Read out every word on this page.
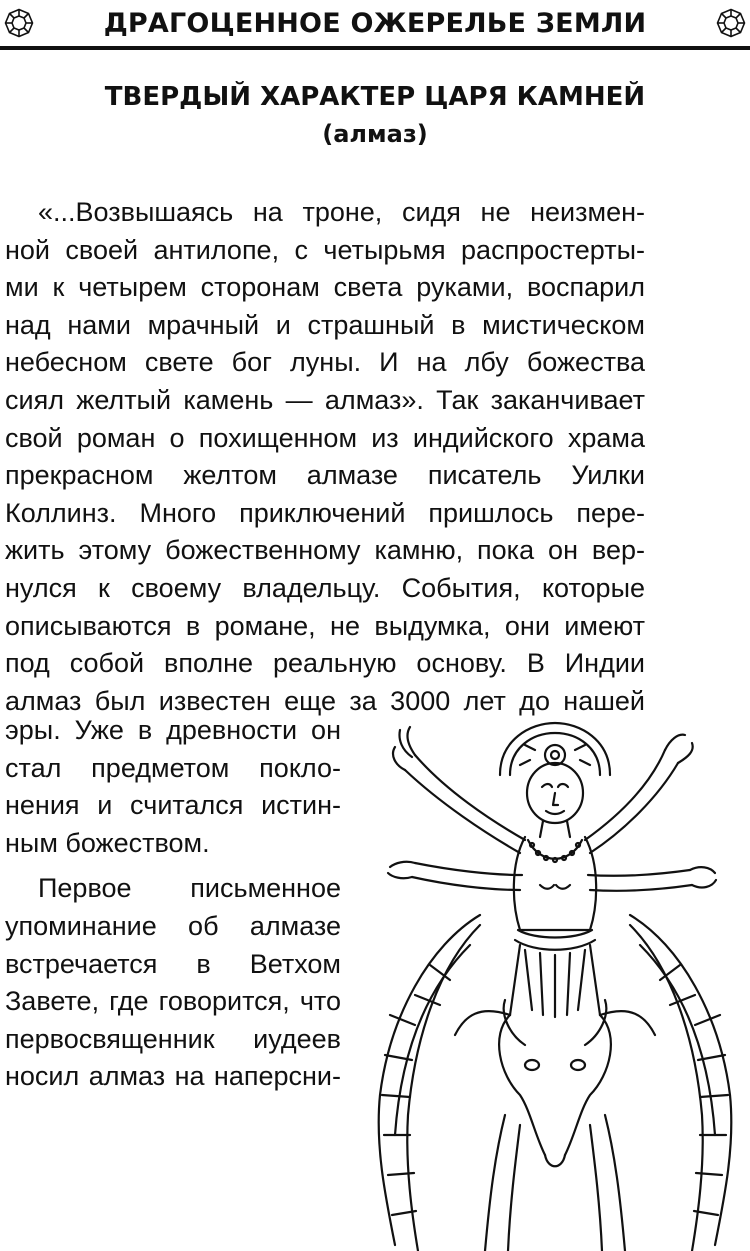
ДРАГОЦЕННОЕ ОЖЕРЕЛЬЕ ЗЕМЛИ
ТВЕРДЫЙ ХАРАКТЕР ЦАРЯ КАМНЕЙ
(алмаз)
«...Возвышаясь на троне, сидя не неизмен-
ной своей антилопе, с четырьмя распростерты-
ми к четырем сторонам света руками, воспарил
над нами мрачный и страшный в мистическом
небесном свете бог луны. И на лбу божества
сиял желтый камень — алмаз». Так заканчивает
свой роман о похищенном из индийского храма
прекрасном желтом алмазе писатель Уилки
Коллинз. Много приключений пришлось пере-
жить этому божественному камню, пока он вер-
нулся к своему владельцу. События, которые
описываются в романе, не выдумка, они имеют
под собой вполне реальную основу. В Индии
алмаз был известен еще за 3000 лет до нашей
эры. Уже в древности он
стал предметом покло-
нения и считался истин-
ным божеством.
Первое письменное
упоминание об алмазе
встречается в Ветхом
Завете, где говорится, что
первосвященник иудеев
носил алмаз на наперсни-
